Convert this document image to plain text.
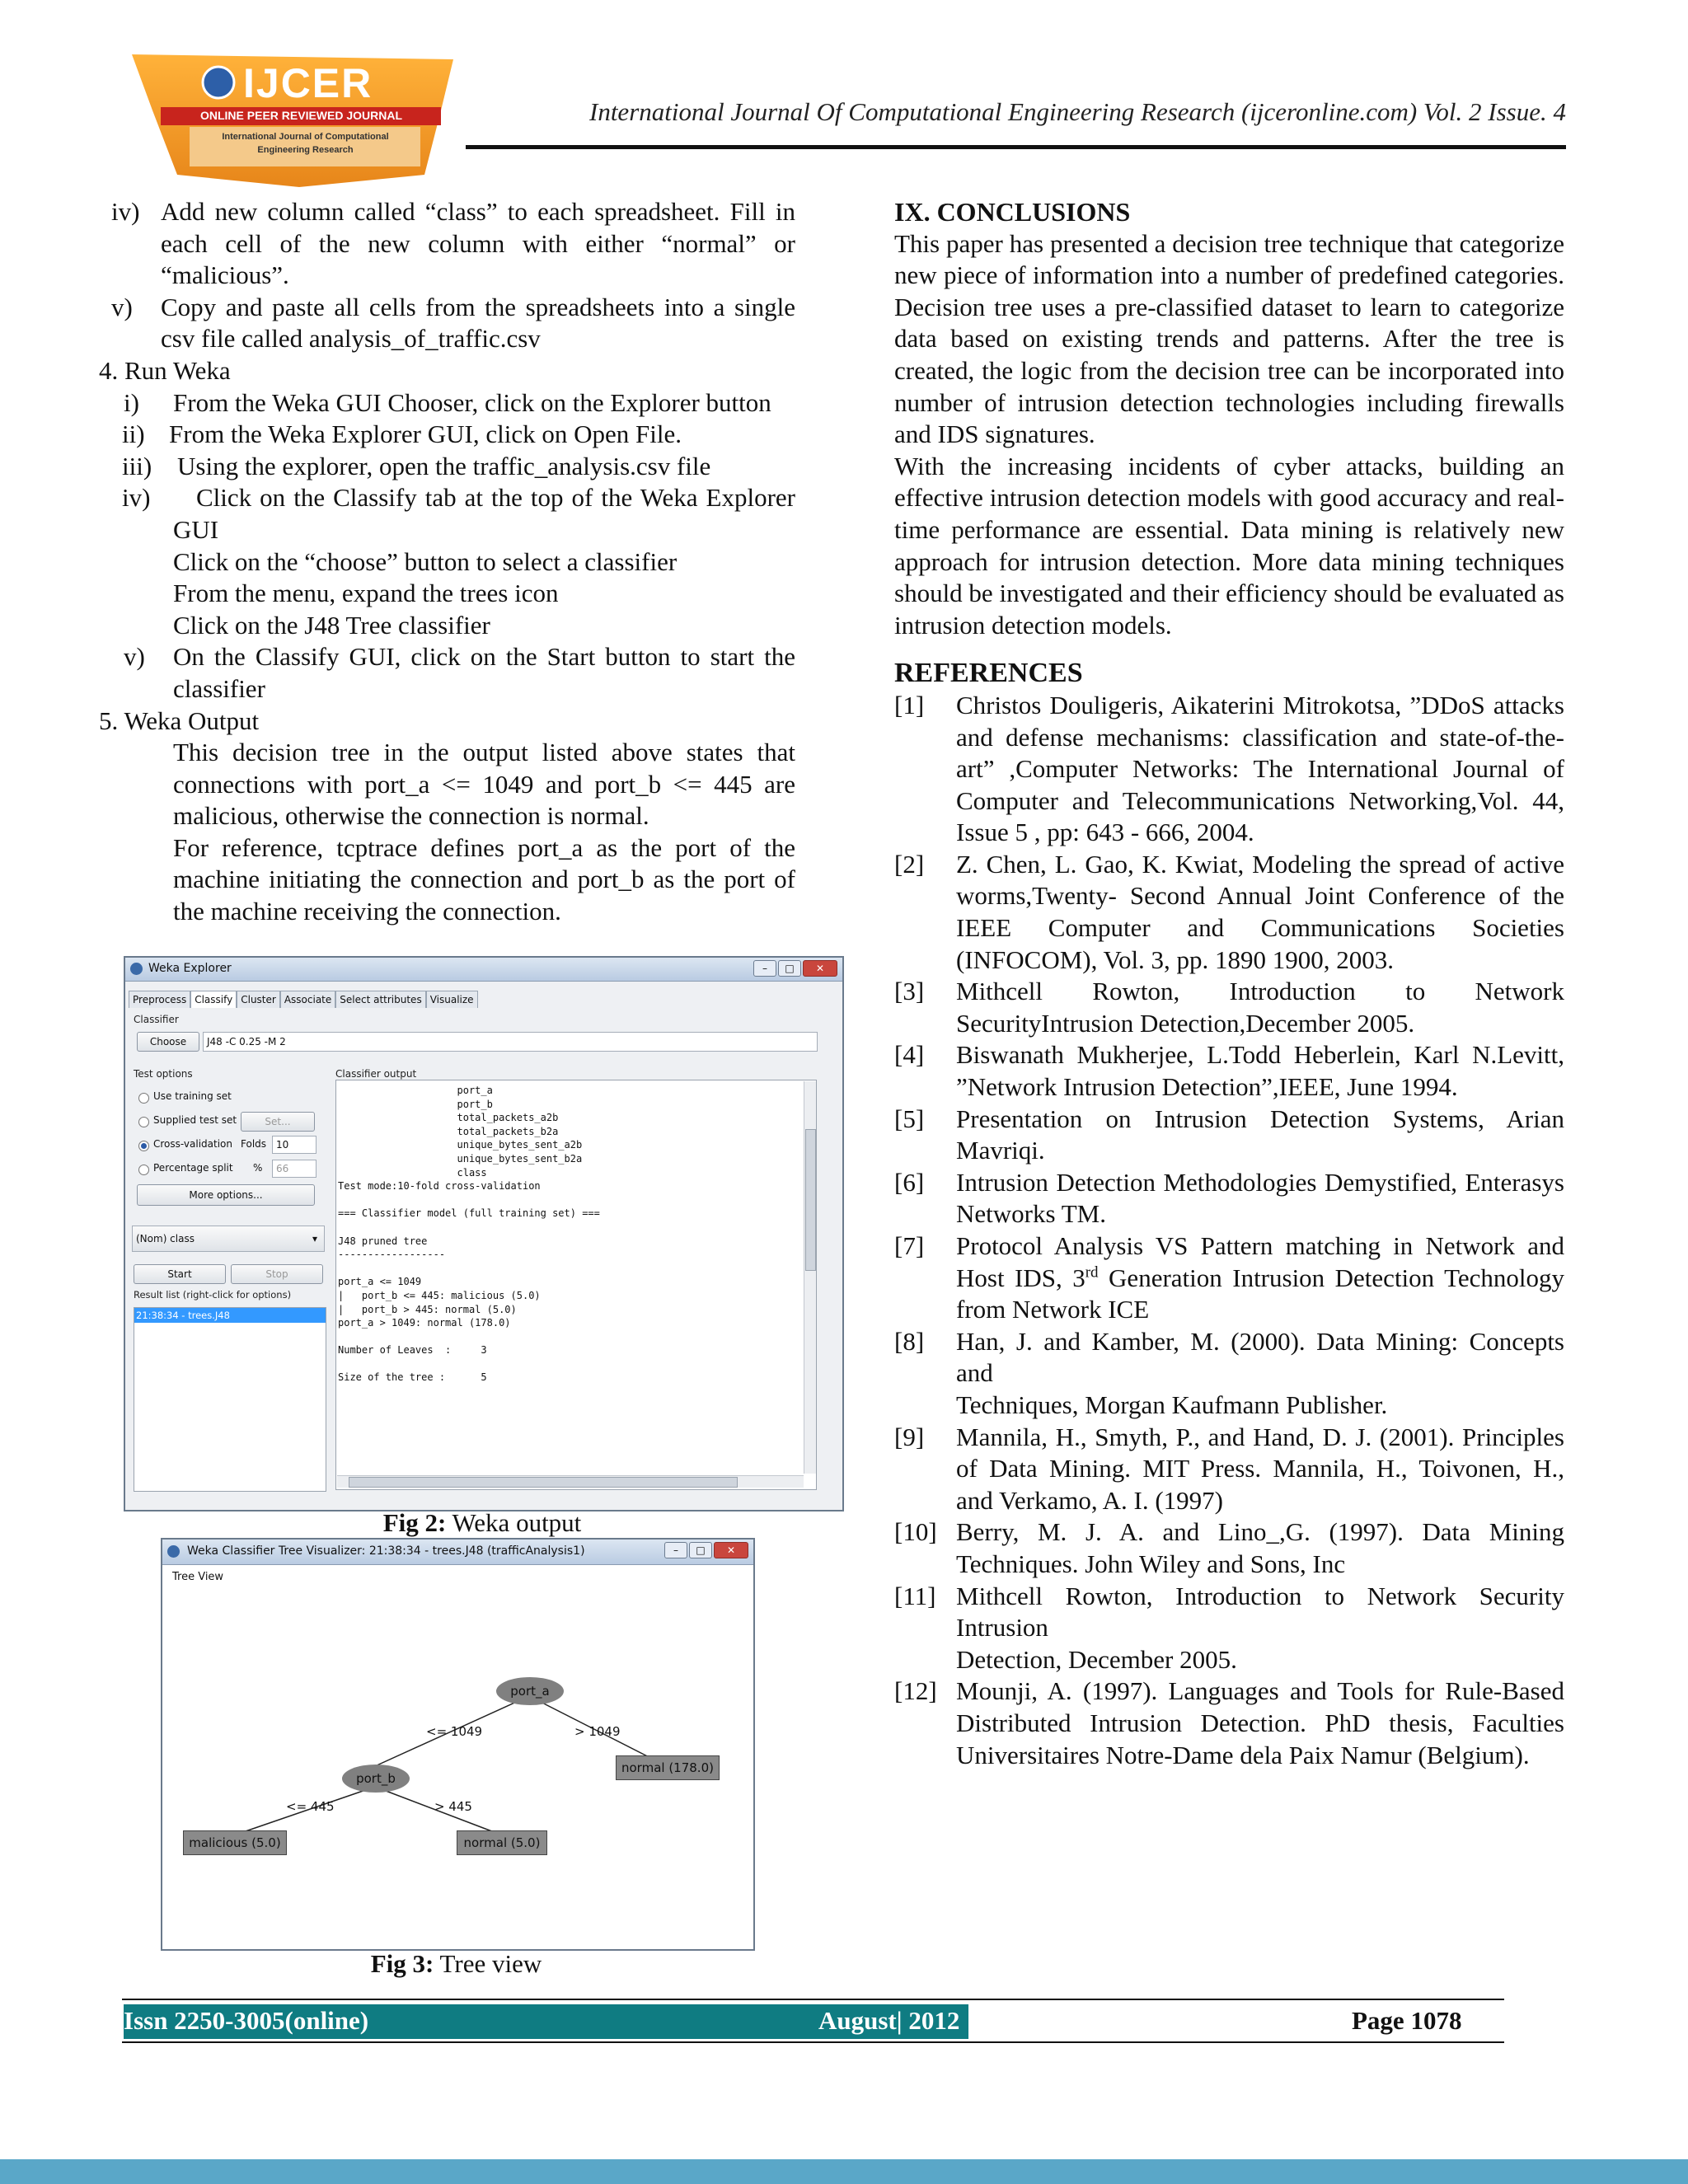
IJCER
ONLINE PEER REVIEWED JOURNAL
International Journal of Computational
Engineering Research
International Journal Of Computational Engineering Research (ijceronline.com) Vol. 2 Issue. 4
iv) Add new column called “class” to each spreadsheet. Fill in each cell of the new column with either “normal” or “malicious”.
v) Copy and paste all cells from the spreadsheets into a single csv file called analysis_of_traffic.csv
4. Run Weka
i) From the Weka GUI Chooser, click on the Explorer button
ii) From the Weka Explorer GUI, click on Open File.
iii) Using the explorer, open the traffic_analysis.csv file
iv) Click on the Classify tab at the top of the Weka Explorer GUI
Click on the “choose” button to select a classifier
From the menu, expand the trees icon
Click on the J48 Tree classifier
v) On the Classify GUI, click on the Start button to start the classifier
5. Weka Output
This decision tree in the output listed above states that connections with port_a <= 1049 and port_b <= 445 are malicious, otherwise the connection is normal.
For reference, tcptrace defines port_a as the port of the machine initiating the connection and port_b as the port of the machine receiving the connection.
Weka Explorer	–	□	✕
Preprocess Classify Cluster Associate Select attributes Visualize
Classifier
Choose	J48 -C 0.25 -M 2
Test options
Use training set
Supplied test set	Set...
Cross-validation Folds 10
Percentage split %	66
More options...
(Nom) class	▾
Start	Stop
Result list (right-click for options)
21:38:34 - trees.J48
Classifier output
port_a
port_b
total_packets_a2b
total_packets_b2a
unique_bytes_sent_a2b
unique_bytes_sent_b2a
class
Test mode:10-fold cross-validation

=== Classifier model (full training set) ===

J48 pruned tree
------------------

port_a <= 1049
|   port_b <= 445: malicious (5.0)
|   port_b > 445: normal (5.0)
port_a > 1049: normal (178.0)

Number of Leaves  :     3

Size of the tree :      5
Fig 2: Weka output
Weka Classifier Tree Visualizer: 21:38:34 - trees.J48 (trafficAnalysis1)	–	□	✕
Tree View
port_a
<= 1049	> 1049
port_b
normal (178.0)
<= 445	> 445
malicious (5.0)	normal (5.0)
Fig 3: Tree view
IX. CONCLUSIONS
This paper has presented a decision tree technique that categorize new piece of information into a number of predefined categories. Decision tree uses a pre-classified dataset to learn to categorize data based on existing trends and patterns. After the tree is created, the logic from the decision tree can be incorporated into number of intrusion detection technologies including firewalls and IDS signatures.
With the increasing incidents of cyber attacks, building an effective intrusion detection models with good accuracy and real-time performance are essential. Data mining is relatively new approach for intrusion detection. More data mining techniques should be investigated and their efficiency should be evaluated as intrusion detection models.
REFERENCES
[1] Christos Douligeris, Aikaterini Mitrokotsa, ”DDoS attacks and defense mechanisms: classification and state-of-the-art” ,Computer Networks: The International Journal of Computer and Telecommunications Networking,Vol. 44, Issue 5 , pp: 643 - 666, 2004.
[2] Z. Chen, L. Gao, K. Kwiat, Modeling the spread of active worms,Twenty- Second Annual Joint Conference of the IEEE Computer and Communications Societies (INFOCOM), Vol. 3, pp. 1890 1900, 2003.
[3] Mithcell Rowton, Introduction to Network SecurityIntrusion Detection,December 2005.
[4] Biswanath Mukherjee, L.Todd Heberlein, Karl N.Levitt, ”Network Intrusion Detection”,IEEE, June 1994.
[5] Presentation on Intrusion Detection Systems, Arian Mavriqi.
[6] Intrusion Detection Methodologies Demystified, Enterasys Networks TM.
[7] Protocol Analysis VS Pattern matching in Network and Host IDS, 3rd Generation Intrusion Detection Technology from Network ICE
[8] Han, J. and Kamber, M. (2000). Data Mining: Concepts and
Techniques, Morgan Kaufmann Publisher.
[9] Mannila, H., Smyth, P., and Hand, D. J. (2001). Principles of Data Mining. MIT Press. Mannila, H., Toivonen, H., and Verkamo, A. I. (1997)
[10] Berry, M. J. A. and Lino_,G. (1997). Data Mining Techniques. John Wiley and Sons, Inc
[11] Mithcell Rowton, Introduction to Network Security Intrusion
Detection, December 2005.
[12] Mounji, A. (1997). Languages and Tools for Rule-Based Distributed Intrusion Detection. PhD thesis, Faculties Universitaires Notre-Dame dela Paix Namur (Belgium).
Issn 2250-3005(online)	August| 2012	Page 1078
